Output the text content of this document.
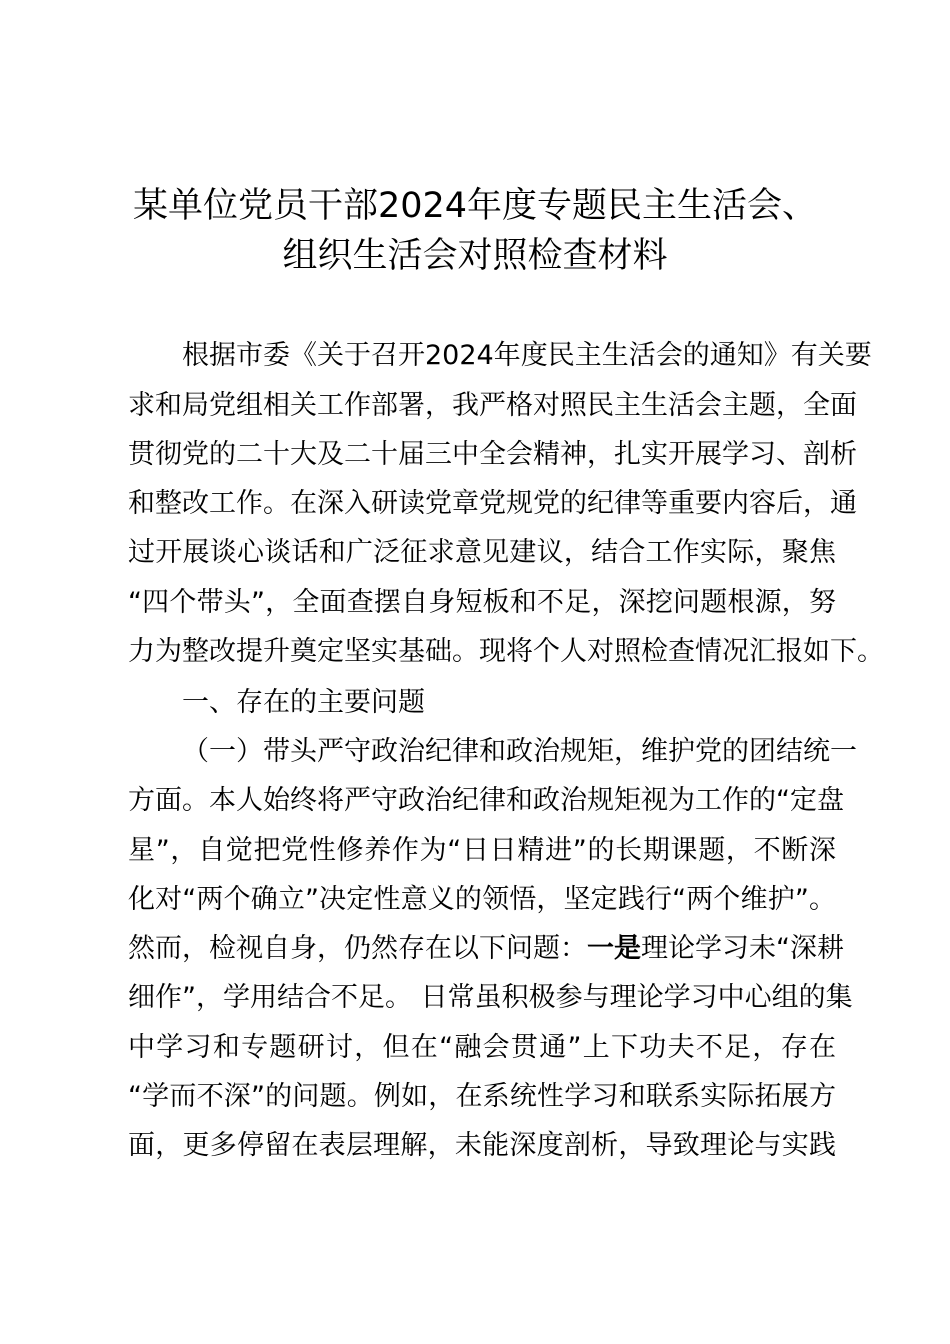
某单位党员干部2024年度专题民主生活会、
组织生活会对照检查材料
根据市委《关于召开2024年度民主生活会的通知》有关要
求和局党组相关工作部署，我严格对照民主生活会主题，全面
贯彻党的二十大及二十届三中全会精神，扎实开展学习、剖析
和整改工作。在深入研读党章党规党的纪律等重要内容后，通
过开展谈心谈话和广泛征求意见建议，结合工作实际，聚焦
“四个带头”，全面查摆自身短板和不足，深挖问题根源，努
力为整改提升奠定坚实基础。现将个人对照检查情况汇报如下。
一、存在的主要问题
（一）带头严守政治纪律和政治规矩，维护党的团结统一
方面。本人始终将严守政治纪律和政治规矩视为工作的“定盘
星”，自觉把党性修养作为“日日精进”的长期课题，不断深
化对“两个确立”决定性意义的领悟，坚定践行“两个维护”。
然而，检视自身，仍然存在以下问题：一是理论学习未“深耕
细作”，学用结合不足。 日常虽积极参与理论学习中心组的集
中学习和专题研讨，但在“融会贯通”上下功夫不足，存在
“学而不深”的问题。例如，在系统性学习和联系实际拓展方
面，更多停留在表层理解，未能深度剖析，导致理论与实践
